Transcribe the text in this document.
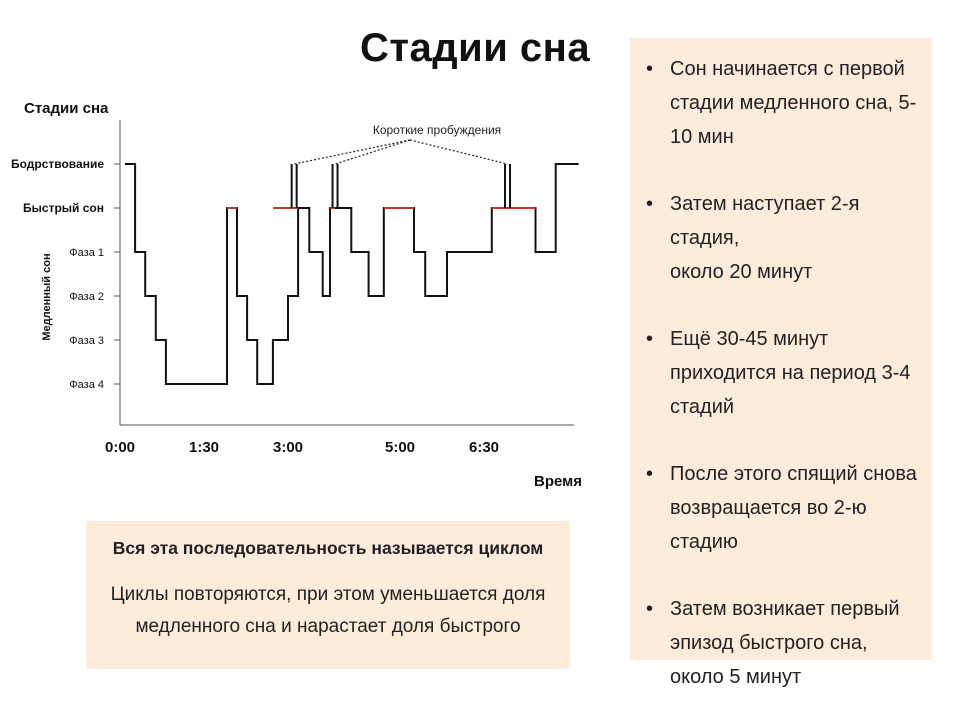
Стадии сна
Стадии сна
Бодрствование
Быстрый сон
Фаза 1
Фаза 2
Фаза 3
Фаза 4
Медленный сон
0:00	1:30	3:00	5:00	6:30
Время
Короткие пробуждения
Вся эта последовательность называется циклом
Циклы повторяются, при этом уменьшается доля
медленного сна и нарастает доля быстрого
• Сон начинается с первой
стадии медленного сна, 5-
10 мин
• Затем наступает 2-я стадия,
около 20 минут
• Ещё 30-45 минут
приходится на период 3-4
стадий
• После этого спящий снова
возвращается во 2-ю
стадию
• Затем возникает первый
эпизод быстрого сна,
около 5 минут
